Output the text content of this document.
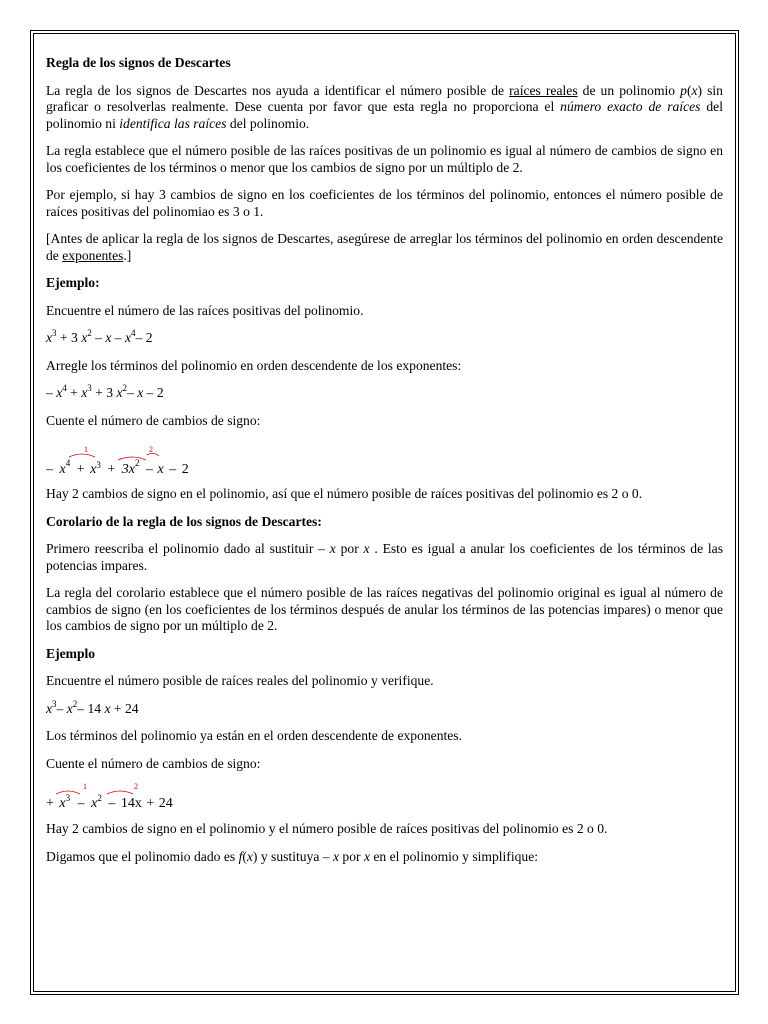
Regla de los signos de Descartes

La regla de los signos de Descartes nos ayuda a identificar el número posible de raíces reales de un polinomio p(x) sin graficar o resolverlas realmente. Dese cuenta por favor que esta regla no proporciona el número exacto de raíces del polinomio ni identifica las raíces del polinomio.

La regla establece que el número posible de las raíces positivas de un polinomio es igual al número de cambios de signo en los coeficientes de los términos o menor que los cambios de signo por un múltiplo de 2.

Por ejemplo, si hay 3 cambios de signo en los coeficientes de los términos del polinomio, entonces el número posible de raíces positivas del polinomiao es 3 o 1.

[Antes de aplicar la regla de los signos de Descartes, asegúrese de arreglar los términos del polinomio en orden descendente de exponentes.]

Ejemplo:

Encuentre el número de las raíces positivas del polinomio.

$x^3 + 3$ $x^2$ – x – $x^4-$ 2

Arregle los términos del polinomio en orden descendente de los exponentes:

– $x^4 + x^3 + 3$ $x^2-$ x – 2

Cuente el número de cambios de signo:

1	2
– $x^4 + x^3 + 3x^2 - x - 2$

Hay 2 cambios de signo en el polinomio, así que el número posible de raíces positivas del polinomio es 2 o 0.

Corolario de la regla de los signos de Descartes:

Primero reescriba el polinomio dado al sustituir – x por x . Esto es igual a anular los coeficientes de los términos de las potencias impares.

La regla del corolario establece que el número posible de las raíces negativas del polinomio original es igual al número de cambios de signo (en los coeficientes de los términos después de anular los términos de las potencias impares) o menor que los cambios de signo por un múltiplo de 2.

Ejemplo

Encuentre el número posible de raíces reales del polinomio y verifique.

$x^3-$ $x^2-$ 14 x + 24

Los términos del polinomio ya están en el orden descendente de exponentes.

Cuente el número de cambios de signo:

1	2
+ $x^3 - x^2 - 14x + 24$

Hay 2 cambios de signo en el polinomio y el número posible de raíces positivas del polinomio es 2 o 0.

Digamos que el polinomio dado es f(x) y sustituya – x por x en el polinomio y simplifique:
